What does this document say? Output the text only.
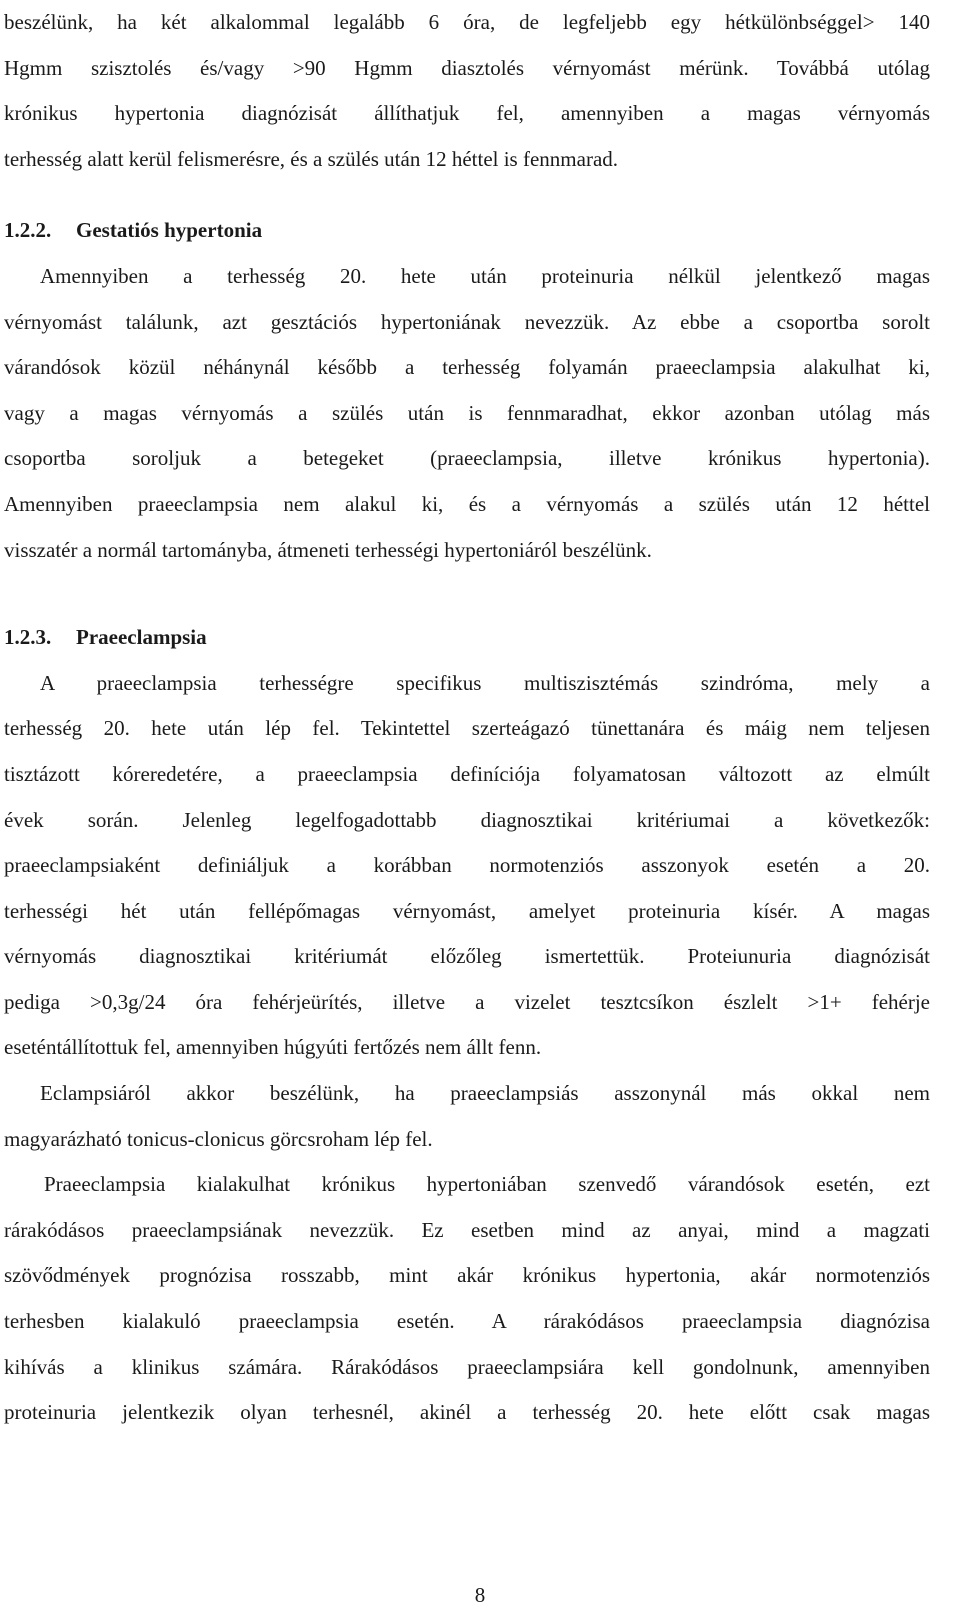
beszélünk, ha két alkalommal legalább 6 óra, de legfeljebb egy hétkülönbséggel> 140
Hgmm szisztolés és/vagy >90 Hgmm diasztolés vérnyomást mérünk. Továbbá utólag
krónikus hypertonia diagnózisát állíthatjuk fel, amennyiben a magas vérnyomás
terhesség alatt kerül felismerésre, és a szülés után 12 héttel is fennmarad.
1.2.2. Gestatiós hypertonia
Amennyiben a terhesség 20. hete után proteinuria nélkül jelentkező magas
vérnyomást találunk, azt gesztációs hypertoniának nevezzük. Az ebbe a csoportba sorolt
várandósok közül néhánynál később a terhesség folyamán praeeclampsia alakulhat ki,
vagy a magas vérnyomás a szülés után is fennmaradhat, ekkor azonban utólag más
csoportba soroljuk a betegeket (praeeclampsia, illetve krónikus hypertonia).
Amennyiben praeeclampsia nem alakul ki, és a vérnyomás a szülés után 12 héttel
visszatér a normál tartományba, átmeneti terhességi hypertoniáról beszélünk.
1.2.3. Praeeclampsia
A praeeclampsia terhességre specifikus multiszisztémás szindróma, mely a
terhesség 20. hete után lép fel. Tekintettel szerteágazó tünettanára és máig nem teljesen
tisztázott kóreredetére, a praeeclampsia definíciója folyamatosan változott az elmúlt
évek során. Jelenleg legelfogadottabb diagnosztikai kritériumai a következők:
praeeclampsiaként definiáljuk a korábban normotenziós asszonyok esetén a 20.
terhességi hét után fellépőmagas vérnyomást, amelyet proteinuria kísér. A magas
vérnyomás diagnosztikai kritériumát előzőleg ismertettük. Proteiunuria diagnózisát
pediga >0,3g/24 óra fehérjeürítés, illetve a vizelet tesztcsíkon észlelt >1+ fehérje
eseténtállítottuk fel, amennyiben húgyúti fertőzés nem állt fenn.
Eclampsiáról akkor beszélünk, ha praeeclampsiás asszonynál más okkal nem
magyarázható tonicus-clonicus görcsroham lép fel.
Praeeclampsia kialakulhat krónikus hypertoniában szenvedő várandósok esetén, ezt
rárakódásos praeeclampsiának nevezzük. Ez esetben mind az anyai, mind a magzati
szövődmények prognózisa rosszabb, mint akár krónikus hypertonia, akár normotenziós
terhesben kialakuló praeeclampsia esetén. A rárakódásos praeeclampsia diagnózisa
kihívás a klinikus számára. Rárakódásos praeeclampsiára kell gondolnunk, amennyiben
proteinuria jelentkezik olyan terhesnél, akinél a terhesség 20. hete előtt csak magas
8
